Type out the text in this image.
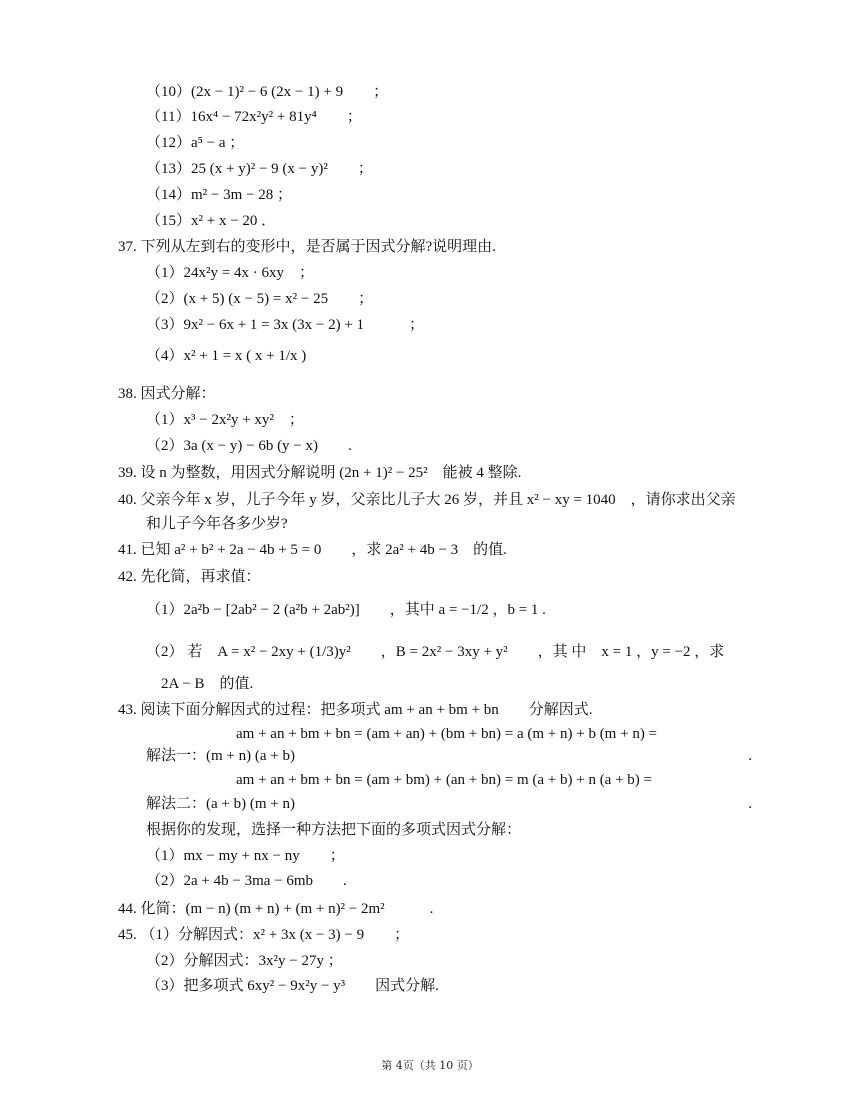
（10）(2x − 1)² − 6 (2x − 1) + 9　　；
（11）16x⁴ − 72x²y² + 81y⁴　　；
（12）a⁵ − a ；
（13）25 (x + y)² − 9 (x − y)²　　；
（14）m² − 3m − 28 ；
（15）x² + x − 20 ．
37. 下列从左到右的变形中，是否属于因式分解?说明理由.
（1）24x²y = 4x · 6xy　；
（2）(x + 5) (x − 5) = x² − 25　　；
（3）9x² − 6x + 1 = 3x (3x − 2) + 1　　　；
（4）x² + 1 = x ( x + 1/x )
38. 因式分解：
（1）x³ − 2x²y + xy²　；
（2）3a (x − y) − 6b (y − x)　　.
39. 设 n 为整数，用因式分解说明 (2n + 1)² − 25²　能被 4 整除.
40. 父亲今年 x 岁，儿子今年 y 岁，父亲比儿子大 26 岁，并且 x² − xy = 1040　，请你求出父亲
和儿子今年各多少岁?
41. 已知 a² + b² + 2a − 4b + 5 = 0　　，求 2a² + 4b − 3　的值.
42. 先化简，再求值：
（1）2a²b − [2ab² − 2 (a²b + 2ab²)]　　，其中 a = −1/2 ，b = 1 .
（2） 若　A = x² − 2xy + (1/3)y²　　，B = 2x² − 3xy + y²　　，其 中　x = 1 ，y = −2 ，求
　2A − B　的值.
43. 阅读下面分解因式的过程：把多项式 am + an + bm + bn　　分解因式.
　　　　　　am + an + bm + bn = (am + an) + (bm + bn) = a (m + n) + b (m + n) =
解法一：(m + n) (a + b)
　　　　　　am + an + bm + bn = (am + bm) + (an + bn) = m (a + b) + n (a + b) =
解法二：(a + b) (m + n)
根据你的发现，选择一种方法把下面的多项式因式分解：
（1）mx − my + nx − ny　　；
（2）2a + 4b − 3ma − 6mb　　.
44. 化简：(m − n) (m + n) + (m + n)² − 2m²　　　.
45. （1）分解因式：x² + 3x (x − 3) − 9　　；
（2）分解因式：3x²y − 27y ；
（3）把多项式 6xy² − 9x²y − y³　　因式分解.
.
.
第 4页（共 10 页）
